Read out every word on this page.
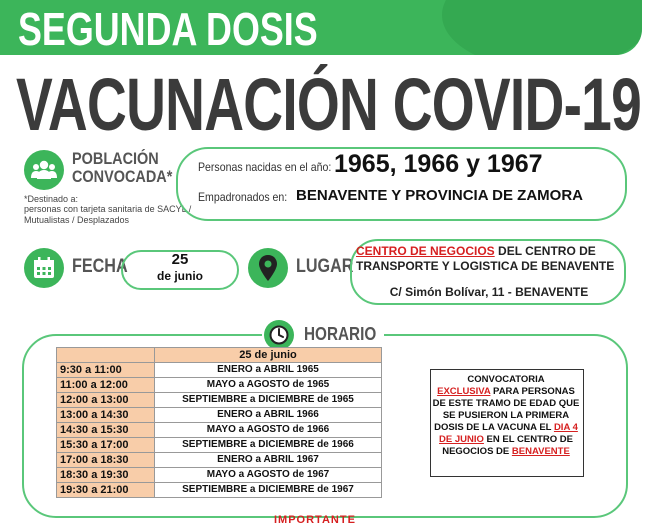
SEGUNDA DOSIS
VACUNACIÓN COVID-19
POBLACIÓN
CONVOCADA*
*Destinado a:
personas con tarjeta sanitaria de SACYL / Mutualistas / Desplazados
Personas nacidas en el año: 1965, 1966 y 1967
Empadronados en: BENAVENTE Y PROVINCIA DE ZAMORA
FECHA	25
de junio	LUGAR
CENTRO DE NEGOCIOS DEL CENTRO DE
TRANSPORTE Y LOGISTICA DE BENAVENTE
C/ Simón Bolívar, 11 - BENAVENTE
HORARIO
	25 de junio
9:30 a 11:00	ENERO a ABRIL 1965
11:00 a 12:00	MAYO a AGOSTO de 1965
12:00 a 13:00	SEPTIEMBRE a DICIEMBRE de 1965
13:00 a 14:30	ENERO a ABRIL 1966
14:30 a 15:30	MAYO a AGOSTO de 1966
15:30 a 17:00	SEPTIEMBRE a DICIEMBRE de 1966
17:00 a 18:30	ENERO a ABRIL 1967
18:30 a 19:30	MAYO a AGOSTO de 1967
19:30 a 21:00	SEPTIEMBRE a DICIEMBRE de 1967
CONVOCATORIA
EXCLUSIVA PARA PERSONAS DE ESTE TRAMO DE EDAD QUE SE PUSIERON LA PRIMERA DOSIS DE LA VACUNA EL DIA 4 DE JUNIO EN EL CENTRO DE NEGOCIOS DE BENAVENTE
IMPORTANTE
